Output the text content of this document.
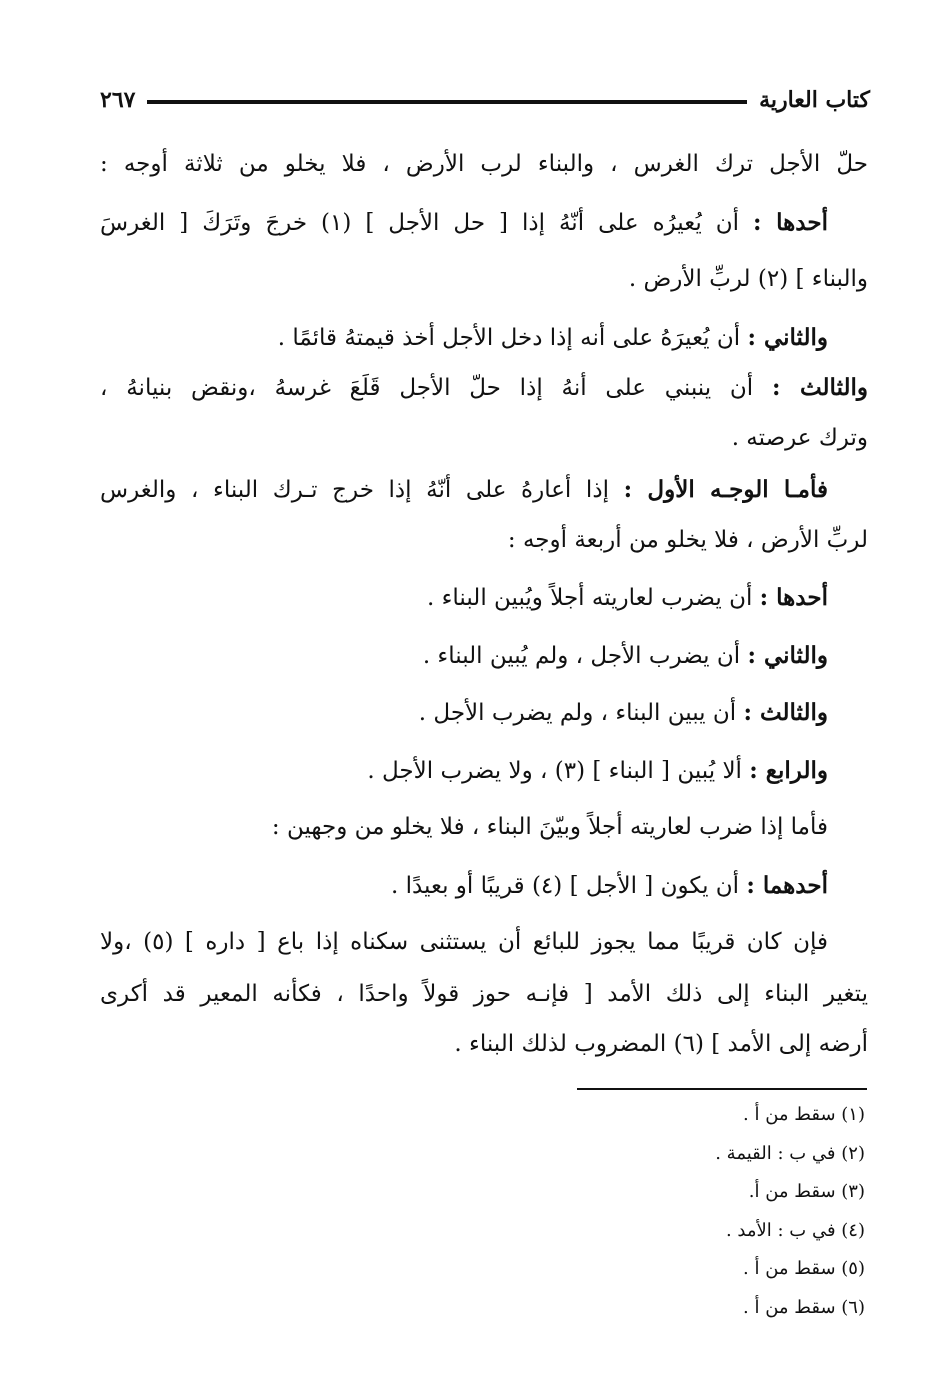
كتاب العارية
٢٦٧
حلّ الأجل ترك الغرس ، والبناء لرب الأرض ، فلا يخلو من ثلاثة أوجه :
أحدها : أن يُعيرُه على أنّهُ إذا [ حل الأجل ] (١) خرجَ وتَرَكَ [ الغرسَ
والبناء ] (٢) لربِّ الأرض .
والثاني : أن يُعيرَهُ على أنه إذا دخل الأجل أخذ قيمتهُ قائمًا .
والثالث : أن ينبني على أنهُ إذا حلّ الأجل قَلَعَ غرسهُ ،ونقض بنيانهُ ،
وترك عرصته .
فأمـا الوجـه الأول : إذا أعارهُ على أنّهُ إذا خرج تـرك البناء ، والغرس
لربِّ الأرض ، فلا يخلو من أربعة أوجه :
أحدها : أن يضرب لعاريته أجلاً ويُبين البناء .
والثاني : أن يضرب الأجل ، ولم يُبين البناء .
والثالث : أن يبين البناء ، ولم يضرب الأجل .
والرابع : ألا يُبين [ البناء ] (٣) ، ولا يضرب الأجل .
فأما إذا ضرب لعاريته أجلاً وبيّنَ البناء ، فلا يخلو من وجهين :
أحدهما : أن يكون [ الأجل ] (٤) قريبًا أو بعيدًا .
فإن كان قريبًا مما يجوز للبائع أن يستثنى سكناه إذا باع [ داره ] (٥) ،ولا
يتغير البناء إلى ذلك الأمد [ فإنـه حوز قولاً واحدًا ، فكأنه المعير قد أكرى
أرضه إلى الأمد ] (٦) المضروب لذلك البناء .
(١) سقط من أ .
(٢) في ب : القيمة .
(٣) سقط من أ.
(٤) في ب : الأمد .
(٥) سقط من أ .
(٦) سقط من أ .
